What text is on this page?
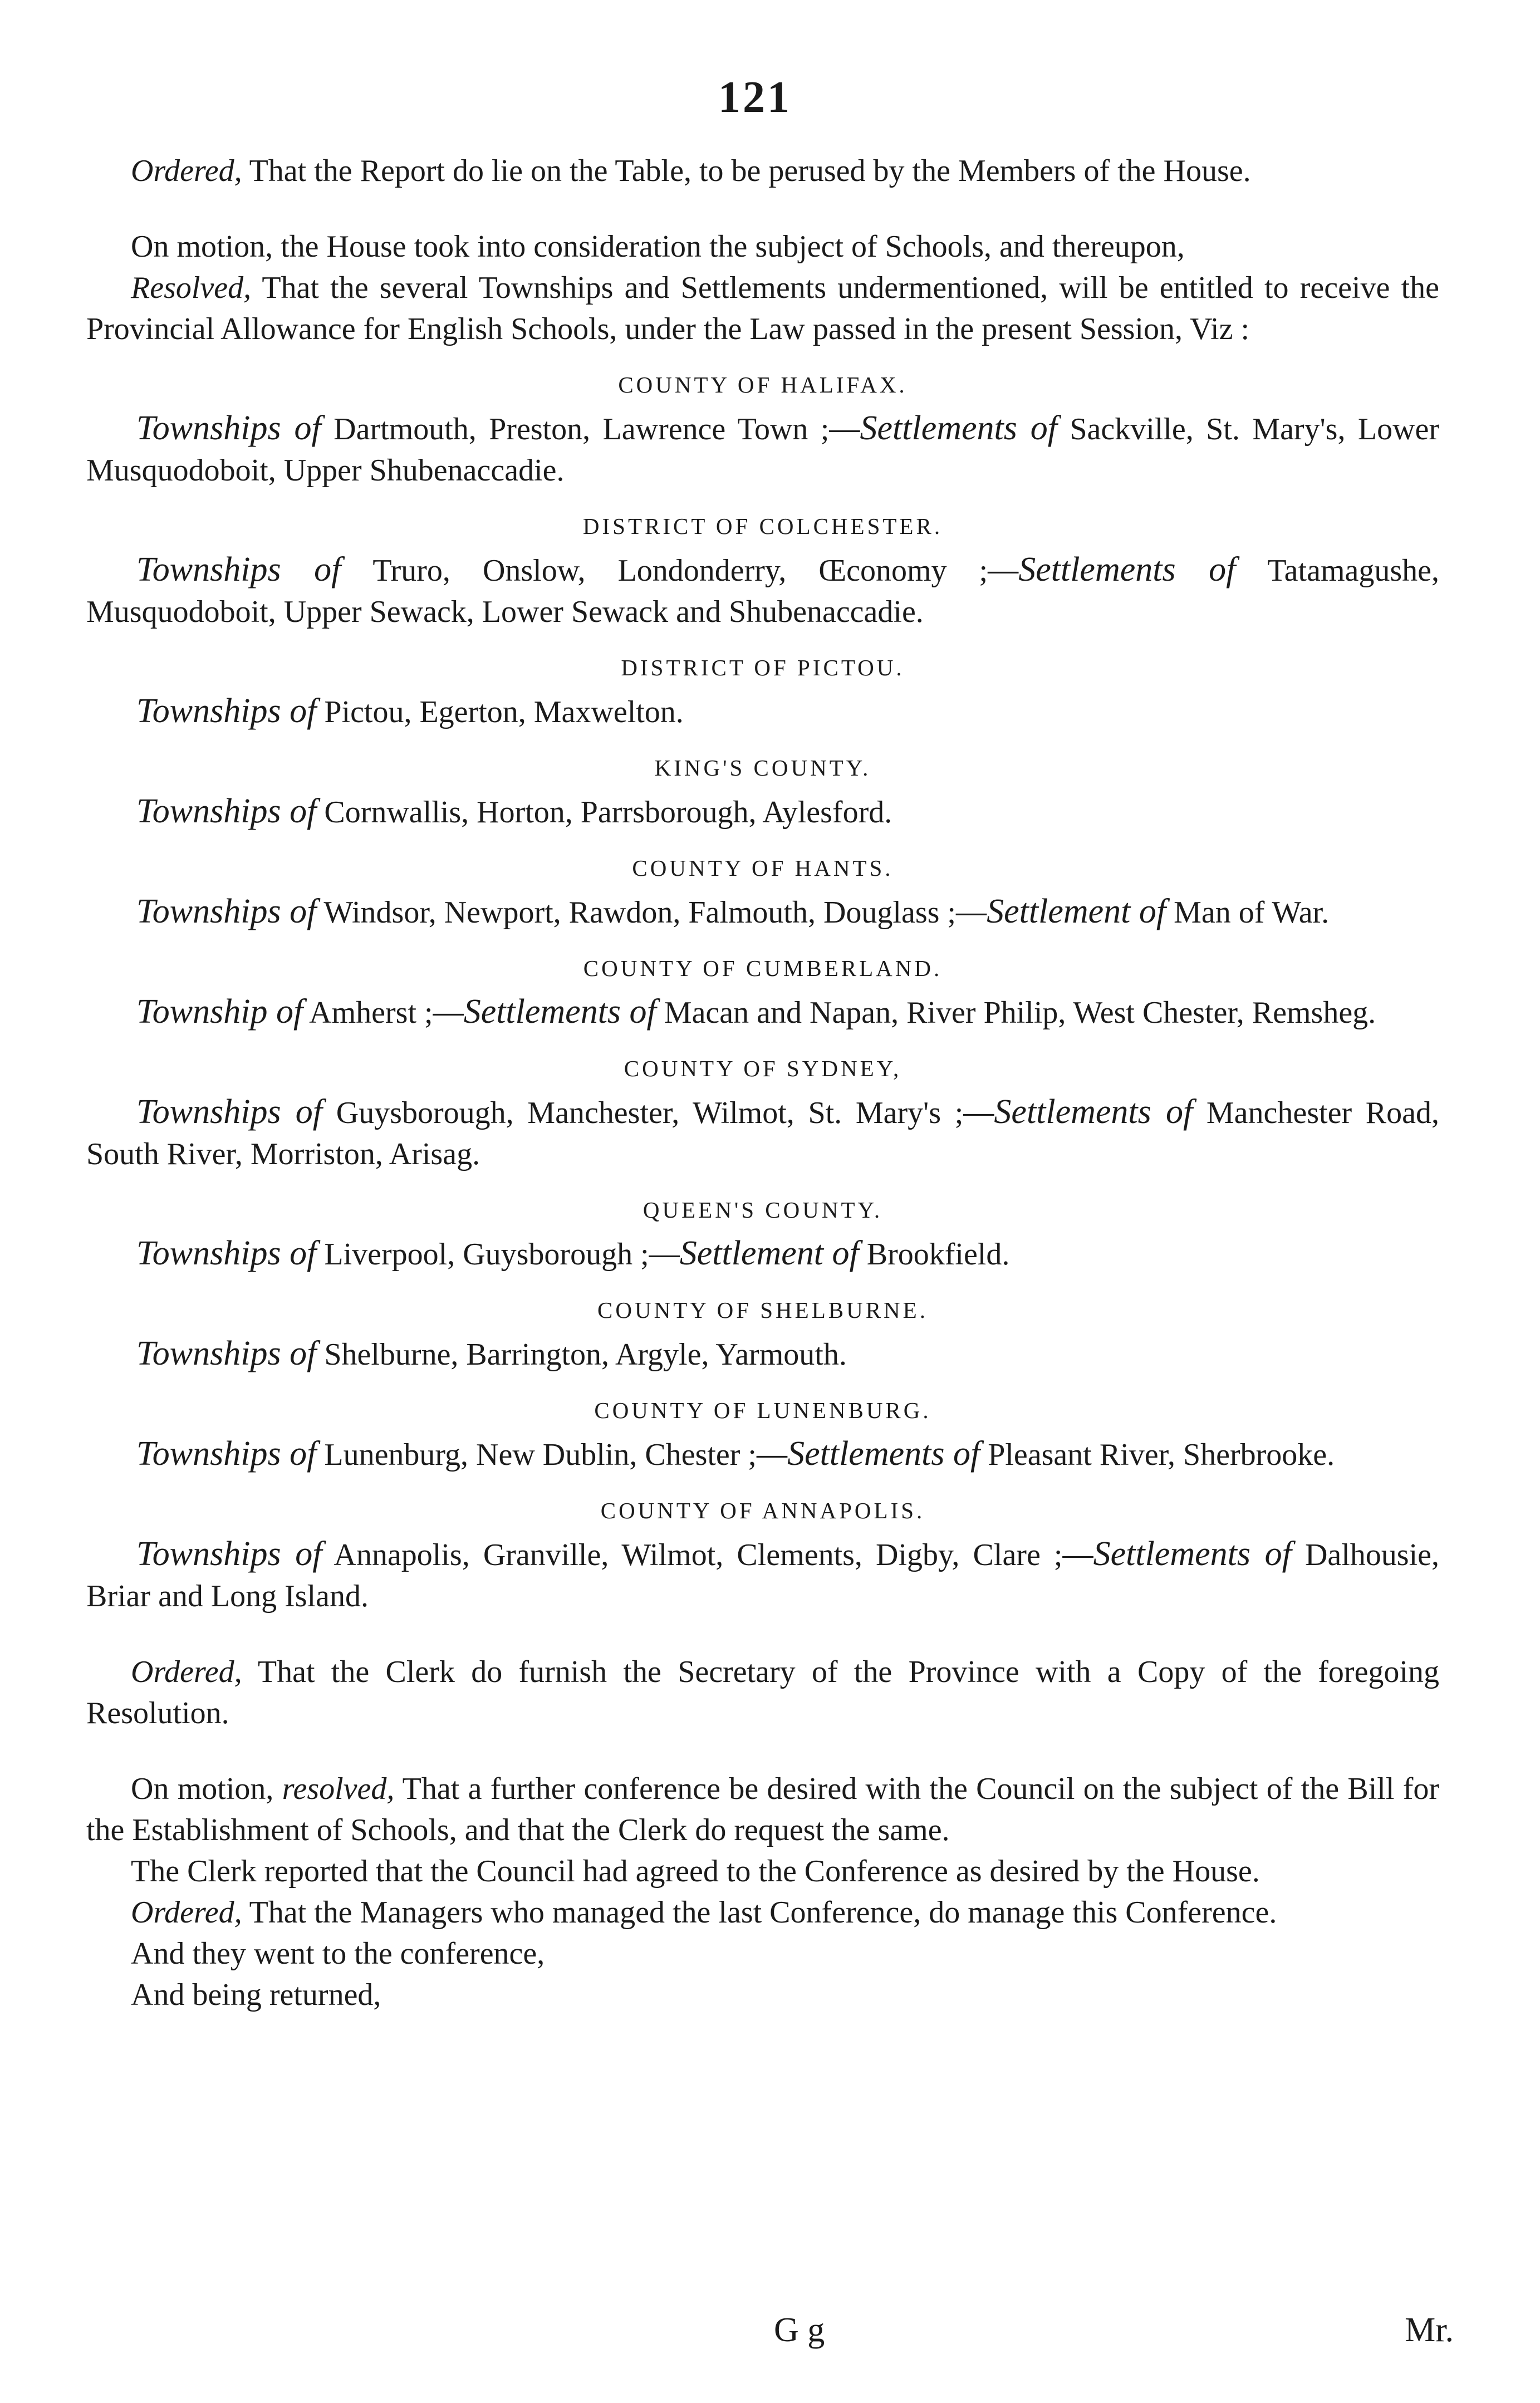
121

Ordered, That the Report do lie on the Table, to be perused by the Members of the House.

On motion, the House took into consideration the subject of Schools, and thereupon,

Resolved, That the several Townships and Settlements undermentioned, will be entitled to receive the Provincial Allowance for English Schools, under the Law passed in the present Session, Viz :

COUNTY OF HALIFAX.

Townships of Dartmouth, Preston, Lawrence Town ;—Settlements of Sackville, St. Mary's, Lower Musquodoboit, Upper Shubenaccadie.

DISTRICT OF COLCHESTER.

Townships of Truro, Onslow, Londonderry, Œconomy ;—Settlements of Tatamagushe, Musquodoboit, Upper Sewack, Lower Sewack and Shubenaccadie.

DISTRICT OF PICTOU.

Townships of Pictou, Egerton, Maxwelton.

KING'S COUNTY.

Townships of Cornwallis, Horton, Parrsborough, Aylesford.

COUNTY OF HANTS.

Townships of Windsor, Newport, Rawdon, Falmouth, Douglass ;—Settlement of Man of War.

COUNTY OF CUMBERLAND.

Township of Amherst ;—Settlements of Macan and Napan, River Philip, West Chester, Remsheg.

COUNTY OF SYDNEY,

Townships of Guysborough, Manchester, Wilmot, St. Mary's ;—Settlements of Manchester Road, South River, Morriston, Arisag.

QUEEN'S COUNTY.

Townships of Liverpool, Guysborough ;—Settlement of Brookfield.

COUNTY OF SHELBURNE.

Townships of Shelburne, Barrington, Argyle, Yarmouth.

COUNTY OF LUNENBURG.

Townships of Lunenburg, New Dublin, Chester ;—Settlements of Pleasant River, Sherbrooke.

COUNTY OF ANNAPOLIS.

Townships of Annapolis, Granville, Wilmot, Clements, Digby, Clare ;—Settlements of Dalhousie, Briar and Long Island.

Ordered, That the Clerk do furnish the Secretary of the Province with a Copy of the foregoing Resolution.

On motion, resolved, That a further conference be desired with the Council on the subject of the Bill for the Establishment of Schools, and that the Clerk do request the same.

The Clerk reported that the Council had agreed to the Conference as desired by the House.

Ordered, That the Managers who managed the last Conference, do manage this Conference.

And they went to the conference,

And being returned,

G g	Mr.
